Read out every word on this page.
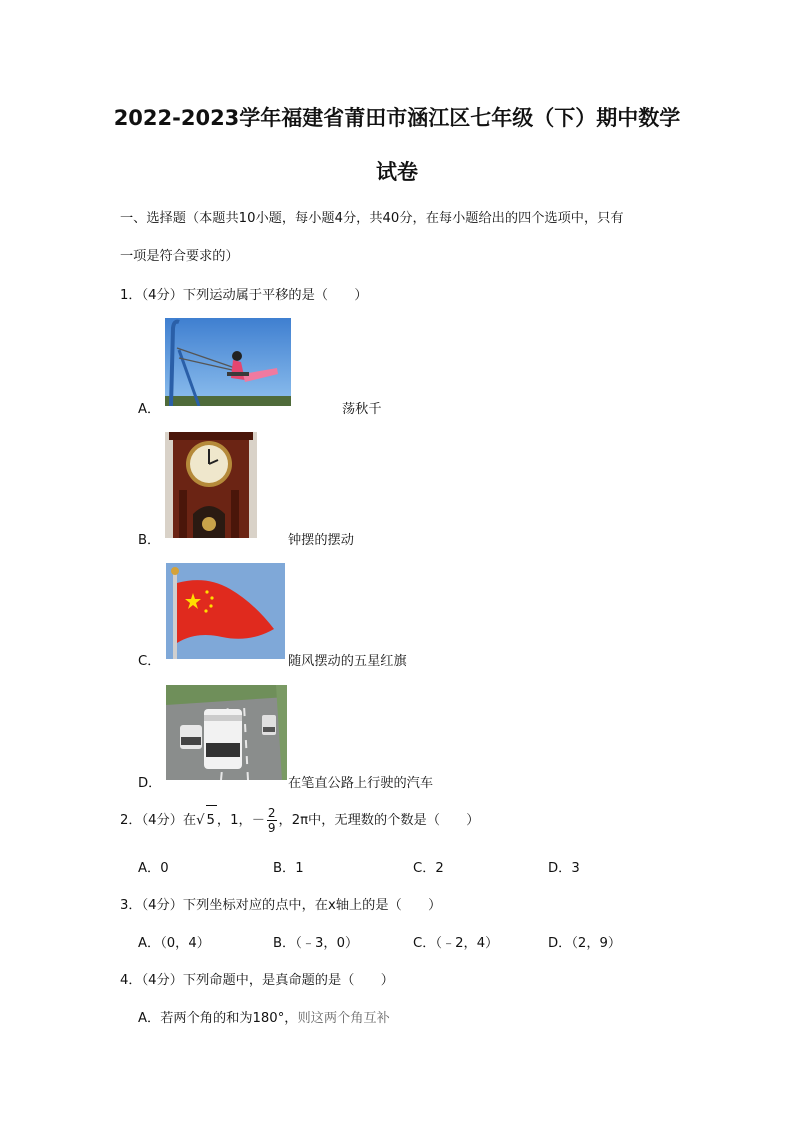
2022-2023学年福建省莆田市涵江区七年级（下）期中数学
试卷
一、选择题（本题共10小题，每小题4分，共40分，在每小题给出的四个选项中，只有
一项是符合要求的）
1．（4分）下列运动属于平移的是（　　）
A．	荡秋千
B．	钟摆的摆动
C．	随风摆动的五星红旗
D．	在笔直公路上行驶的汽车
2．（4分）在√ 5 ，1，－ $\frac{2}{9}$ ，2π中，无理数的个数是（　　）
A．0	B．1	C．2	D．3
3．（4分）下列坐标对应的点中，在x轴上的是（　　）
A．（0，4）	B．（﹣3，0）	C．（﹣2，4）	D．（2，9）
4．（4分）下列命题中，是真命题的是（　　）
A．若两个角的和为180°，则这两个角互补
